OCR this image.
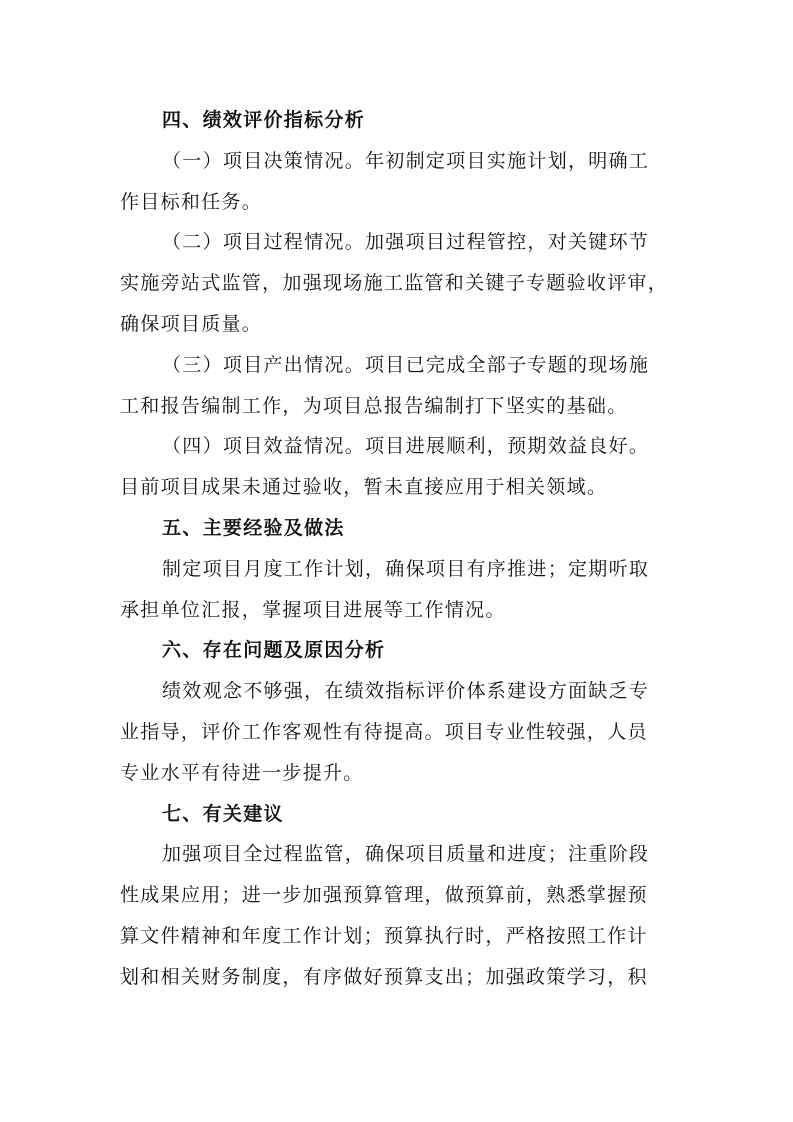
四、绩效评价指标分析
（一）项目决策情况。年初制定项目实施计划，明确工
作目标和任务。
（二）项目过程情况。加强项目过程管控，对关键环节
实施旁站式监管，加强现场施工监管和关键子专题验收评审，
确保项目质量。
（三）项目产出情况。项目已完成全部子专题的现场施
工和报告编制工作，为项目总报告编制打下坚实的基础。
（四）项目效益情况。项目进展顺利，预期效益良好。
目前项目成果未通过验收，暂未直接应用于相关领域。
五、主要经验及做法
制定项目月度工作计划，确保项目有序推进；定期听取
承担单位汇报，掌握项目进展等工作情况。
六、存在问题及原因分析
绩效观念不够强，在绩效指标评价体系建设方面缺乏专
业指导，评价工作客观性有待提高。项目专业性较强，人员
专业水平有待进一步提升。
七、有关建议
加强项目全过程监管，确保项目质量和进度；注重阶段
性成果应用；进一步加强预算管理，做预算前，熟悉掌握预
算文件精神和年度工作计划；预算执行时，严格按照工作计
划和相关财务制度，有序做好预算支出；加强政策学习，积
